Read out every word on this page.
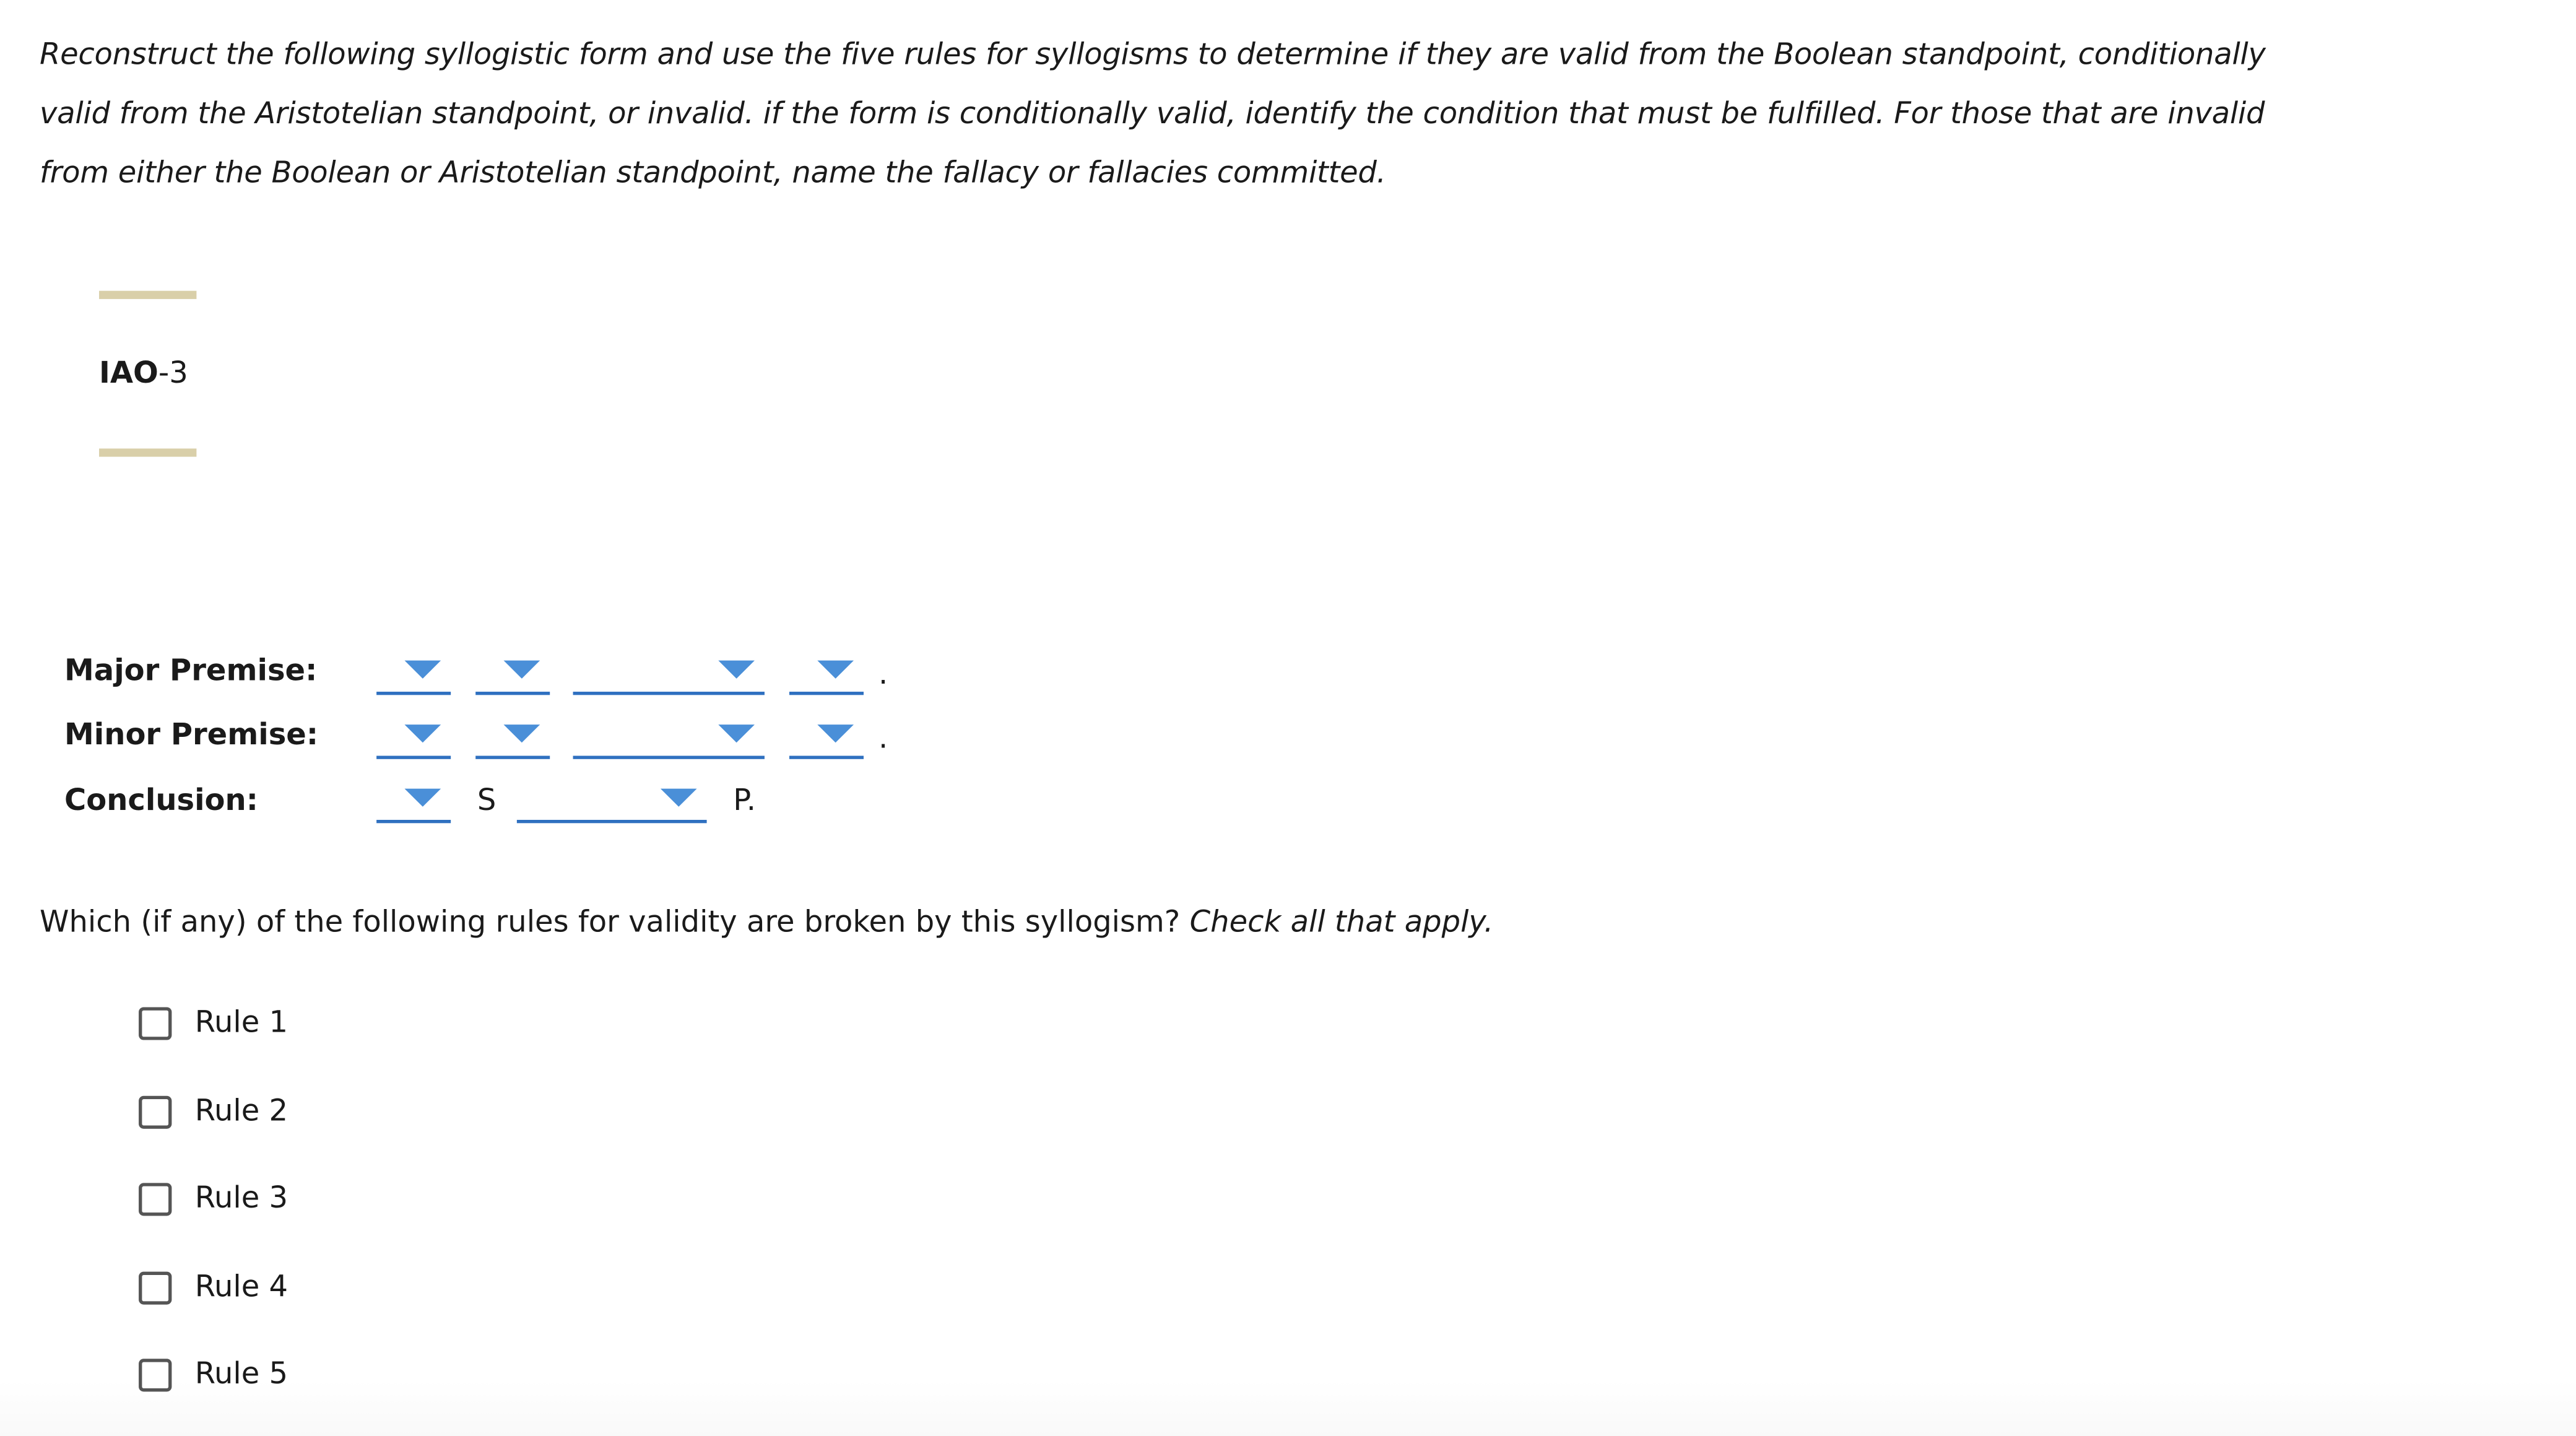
Reconstruct the following syllogistic form and use the five rules for syllogisms to determine if they are valid from the Boolean standpoint, conditionally
valid from the Aristotelian standpoint, or invalid. if the form is conditionally valid, identify the condition that must be fulfilled. For those that are invalid
from either the Boolean or Aristotelian standpoint, name the fallacy or fallacies committed.
IAO-3
Major Premise:	.
Minor Premise:	.
Conclusion:	S	P.
Which (if any) of the following rules for validity are broken by this syllogism? Check all that apply.
Rule 1
Rule 2
Rule 3
Rule 4
Rule 5
